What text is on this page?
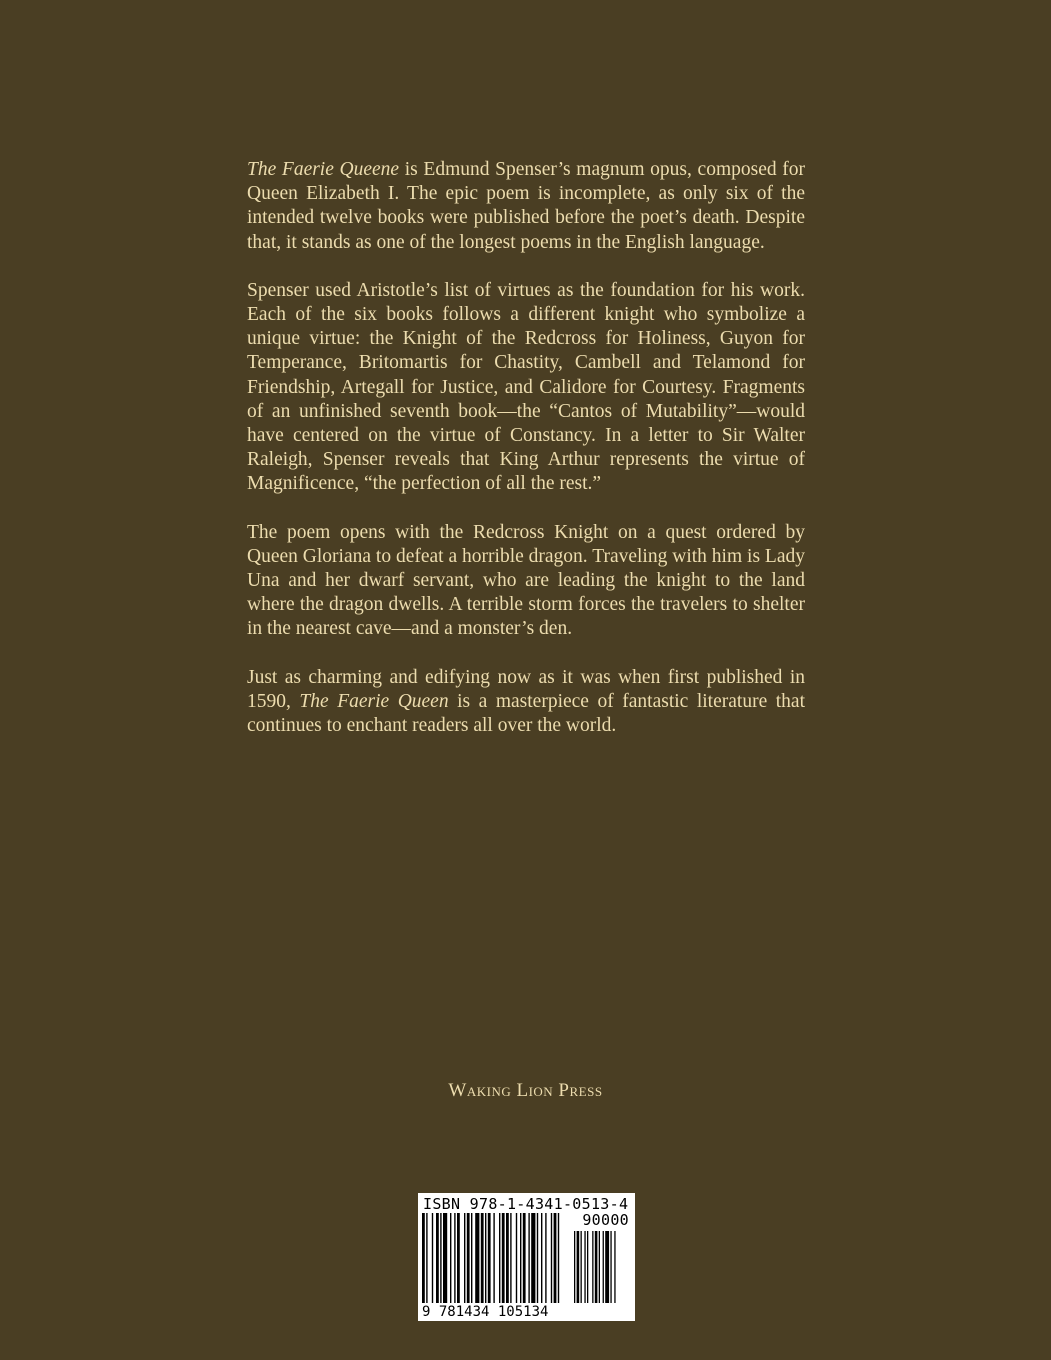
The Faerie Queene is Edmund Spenser’s magnum opus, composed for Queen Elizabeth I. The epic poem is incomplete, as only six of the intended twelve books were published before the poet’s death. Despite that, it stands as one of the longest poems in the English language.

Spenser used Aristotle’s list of virtues as the foundation for his work. Each of the six books follows a different knight who symbolize a unique virtue: the Knight of the Redcross for Holiness, Guyon for Temperance, Britomartis for Chastity, Cambell and Telamond for Friendship, Artegall for Justice, and Calidore for Courtesy. Fragments of an unfinished seventh book—the “Cantos of Mutability”—would have centered on the virtue of Constancy. In a letter to Sir Walter Raleigh, Spenser reveals that King Arthur represents the virtue of Magnificence, “the perfection of all the rest.”

The poem opens with the Redcross Knight on a quest ordered by Queen Gloriana to defeat a horrible dragon. Traveling with him is Lady Una and her dwarf servant, who are leading the knight to the land where the dragon dwells. A terrible storm forces the travelers to shelter in the nearest cave—and a monster’s den.

Just as charming and edifying now as it was when first published in 1590, The Faerie Queen is a masterpiece of fantastic literature that continues to enchant readers all over the world.

Waking Lion Press
ISBN 978-1-4341-0513-4
90000
9 781434 105134
